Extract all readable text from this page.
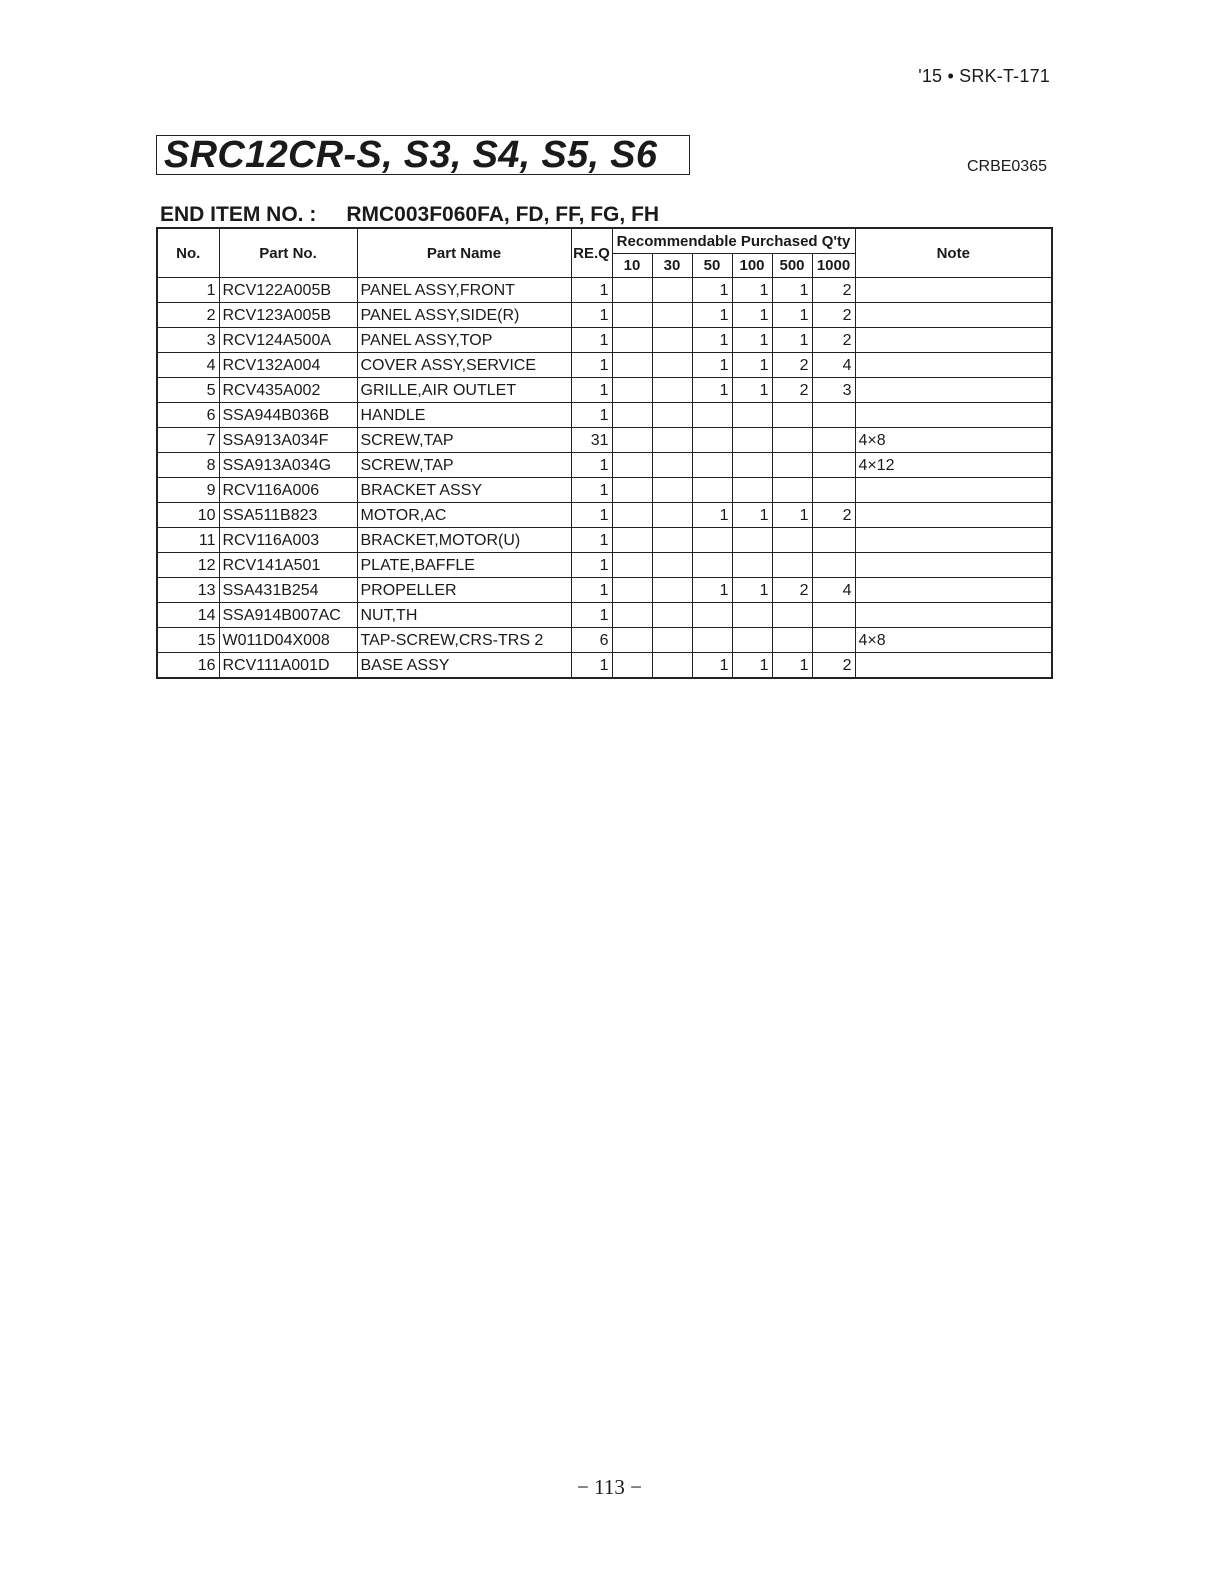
'15 • SRK-T-171
SRC12CR-S, S3, S4, S5, S6	CRBE0365
END ITEM NO. : RMC003F060FA, FD, FF, FG, FH
No.	Part No.	Part Name	RE.Q	Recommendable Purchased Q'ty						Note
				10	30	50	100	500	1000	
1	RCV122A005B	PANEL ASSY,FRONT	1			1	1	1	2	
2	RCV123A005B	PANEL ASSY,SIDE(R)	1			1	1	1	2	
3	RCV124A500A	PANEL ASSY,TOP	1			1	1	1	2	
4	RCV132A004	COVER ASSY,SERVICE	1			1	1	2	4	
5	RCV435A002	GRILLE,AIR OUTLET	1			1	1	2	3	
6	SSA944B036B	HANDLE	1							
7	SSA913A034F	SCREW,TAP	31							4×8
8	SSA913A034G	SCREW,TAP	1							4×12
9	RCV116A006	BRACKET ASSY	1							
10	SSA511B823	MOTOR,AC	1			1	1	1	2	
11	RCV116A003	BRACKET,MOTOR(U)	1							
12	RCV141A501	PLATE,BAFFLE	1							
13	SSA431B254	PROPELLER	1			1	1	2	4	
14	SSA914B007AC	NUT,TH	1							
15	W011D04X008	TAP-SCREW,CRS-TRS 2	6							4×8
16	RCV111A001D	BASE ASSY	1			1	1	1	2	
− 113 −
